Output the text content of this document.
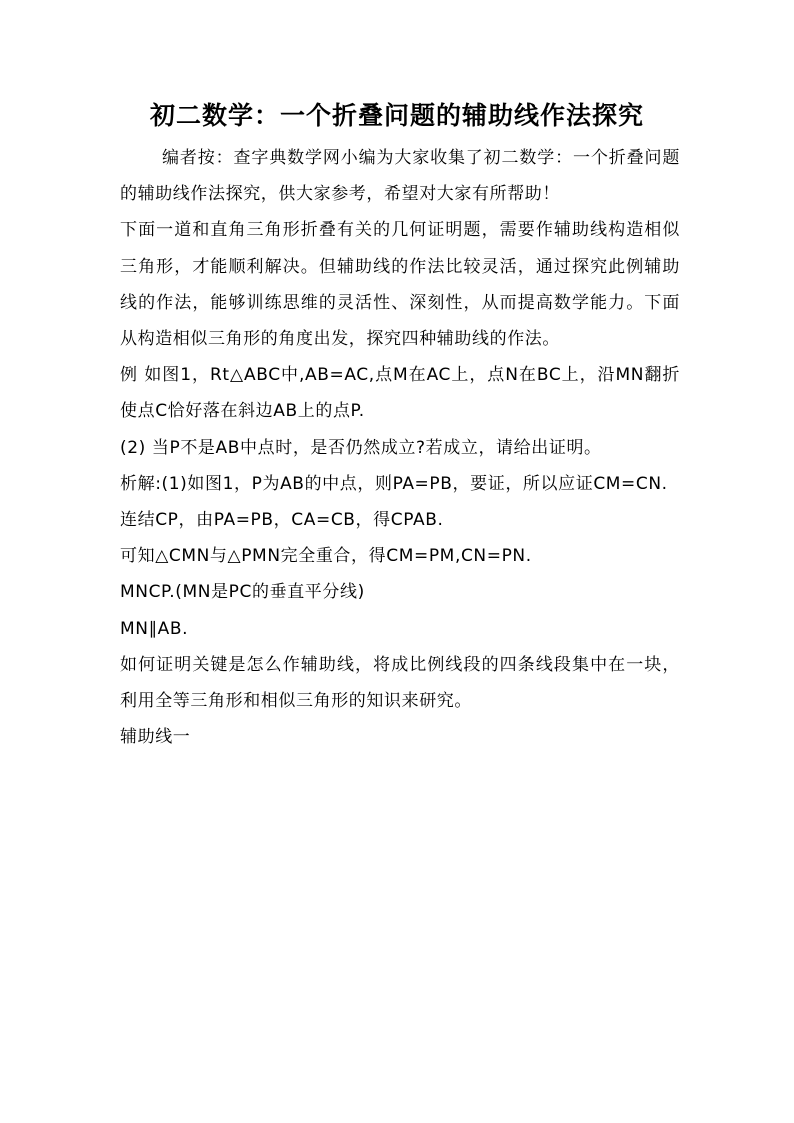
初二数学：一个折叠问题的辅助线作法探究

编者按：查字典数学网小编为大家收集了初二数学：一个折叠问题的辅助线作法探究，供大家参考，希望对大家有所帮助！

下面一道和直角三角形折叠有关的几何证明题，需要作辅助线构造相似三角形，才能顺利解决。但辅助线的作法比较灵活，通过探究此例辅助线的作法，能够训练思维的灵活性、深刻性，从而提高数学能力。下面从构造相似三角形的角度出发，探究四种辅助线的作法。

例 如图1，Rt△ABC中,AB=AC,点M在AC上，点N在BC上，沿MN翻折使点C恰好落在斜边AB上的点P.

(2) 当P不是AB中点时，是否仍然成立?若成立，请给出证明。

析解:(1)如图1，P为AB的中点，则PA=PB，要证，所以应证CM=CN.

连结CP，由PA=PB，CA=CB，得CPAB.

可知△CMN与△PMN完全重合，得CM=PM,CN=PN.

MNCP.(MN是PC的垂直平分线)

MN∥AB.

如何证明关键是怎么作辅助线，将成比例线段的四条线段集中在一块，利用全等三角形和相似三角形的知识来研究。

辅助线一
